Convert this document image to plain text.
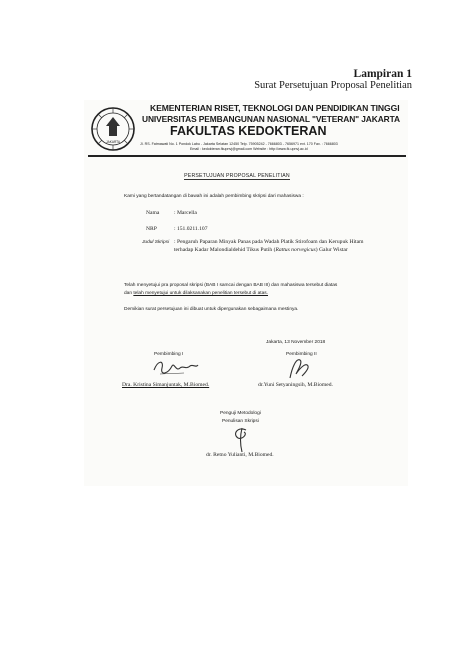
Lampiran 1
Surat Persetujuan Proposal Penelitian
JAKARTA
KEMENTERIAN RISET, TEKNOLOGI DAN PENDIDIKAN TINGGI
UNIVERSITAS PEMBANGUNAN NASIONAL "VETERAN" JAKARTA
FAKULTAS KEDOKTERAN
Jl. RS. Fatmawati No. 1 Pondok Labu - Jakarta Selatan 12450 Telp. 75905242 - 7666803 - 7656971 ext. 170 Fax. : 7666803
Email : kedokteran.fkupnvj@gmail.com Website : http://www.fk.upnvj.ac.id
PERSETUJUAN PROPOSAL PENELITIAN
Kami yang bertandatangan di bawah ini adalah pembimbing skripsi dari mahasiswa :
Nama	: Marcella
NRP	: 151.0211.107
Judul Skripsi : Pengaruh Paparan Minyak Panas pada Wadah Platik Stirofoam dan Kerupuk Hitam terhadap Kadar Malondialdehid Tikus Putih (Rattus norvegicus) Galur Wistar
Telah menyetujui pra proposal skripsi (BAB I samcai dengan BAB III) dan mahasiswa tersebut diatas
dan telah menyetujui untuk dilaksanakan penelitian tersebut di atas.
Demikian surat persetujuan ini dibuat untuk dipergunakan sebagaimana mestinya.
Jakarta, 13 November 2018
Pembimbing I	Pembimbing II
Dra. Kristina Simanjuntak, M.Biomed.	dr.Yuni Setyaningsih, M.Biomed.
Penguji Metodologi
Penulisan Skripsi
dr. Retno Yulianti, M.Biomed.
